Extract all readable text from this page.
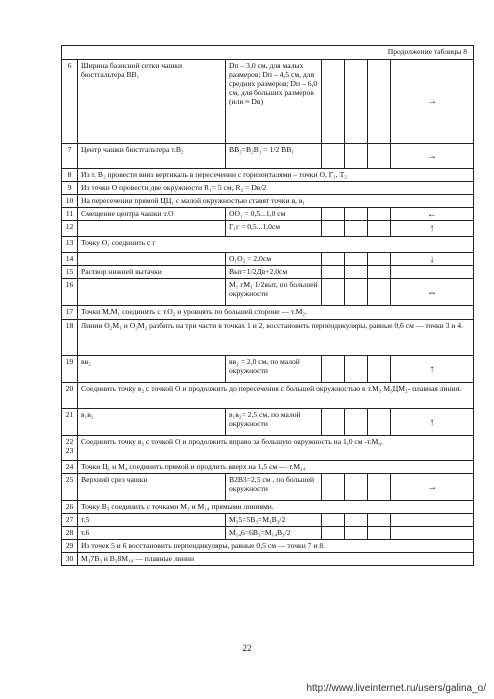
Продолжение таблицы 8						
6	Ширина базисной сетки чашки бюстгальтера ВВ₁	Dп – 3,0 см, для малых размеров; Dп – 4,5 см, для средних размеров; Dп – 6,0 см, для больших размеров (или ≈ Dв)				→
7	Центр чашки бюстгальтера т.В₂	ВВ₂=В₂В₁ = 1/2 ВВ₁				→
8	Из т. В₂ провести вниз вертикаль в пересечении с горизонталями – точки О, Г₁, Т₂					
9	Из точки О провести две окружности R₁= 5 см, R₂ = Dв/2					
10	На пересечении прямой ЦЦ₁ с малой окружностью ставят точки в, в₁					
11	Смещение центра чашки т.О	ОО₁ = 0,5...1,0 см				←
12		Г₁г = 0,5...1,0см				↑
13	Точку О₁ соединить с г					
14		О₁О₂ = 2,0см				↓
15	Раствор нижней вытачки	Выт=1/2Дв+2,0см				
16		М₁ гМ₁ 1/2выт, по большей окружности				↔
17	Точки М,М₁ соединить с т.О₂ и уровнять по большей стороне — т.М₂.					
18	Линии О₂М₁ и О₂М₂ разбить на три части в точках 1 и 2, восстановить перпендикуляры, равные 0,6 см — точки 3 и 4.					
19	вв₂	вв₂ = 2,0 см, по малой окружности				↑
20	Соединить точку в₂ с точкой О и продолжить до пересечения с большей окружностью в т.М₃ М₃ЦМ₂- плавная линия.					
21	в₁в₂	в₁в₂= 2,5 см, по малой окружности				↑
22 23	Соединить точку в₃ с точкой О и продолжить вправо за большую окружность на 1,0 см -т.М₄.					
24	Точки Ц₁ и М₄ соединить прямой и продлить вверх на 1,5 см — т.М₁₄					
25	Верхний срез чашки	В2В3=2,5 см , по большей окружности				→
26	Точку В₃ соединить с точками М₃ и М₁₄ прямыми линиями.					
27	т.5	М₃5=5В₃=М₃В₃/2				
28	т.6	М₁₄6=6В₃=М₁₄В₃/2				
29	Из точек 5 и 6 восстановить перпендикуляры, равные 0,5 см — точки 7 и 8.					
30	М₃7В₃ и В₃8М₁₄ — плавные линии					
22
http://www.liveinternet.ru/users/galina_o/
